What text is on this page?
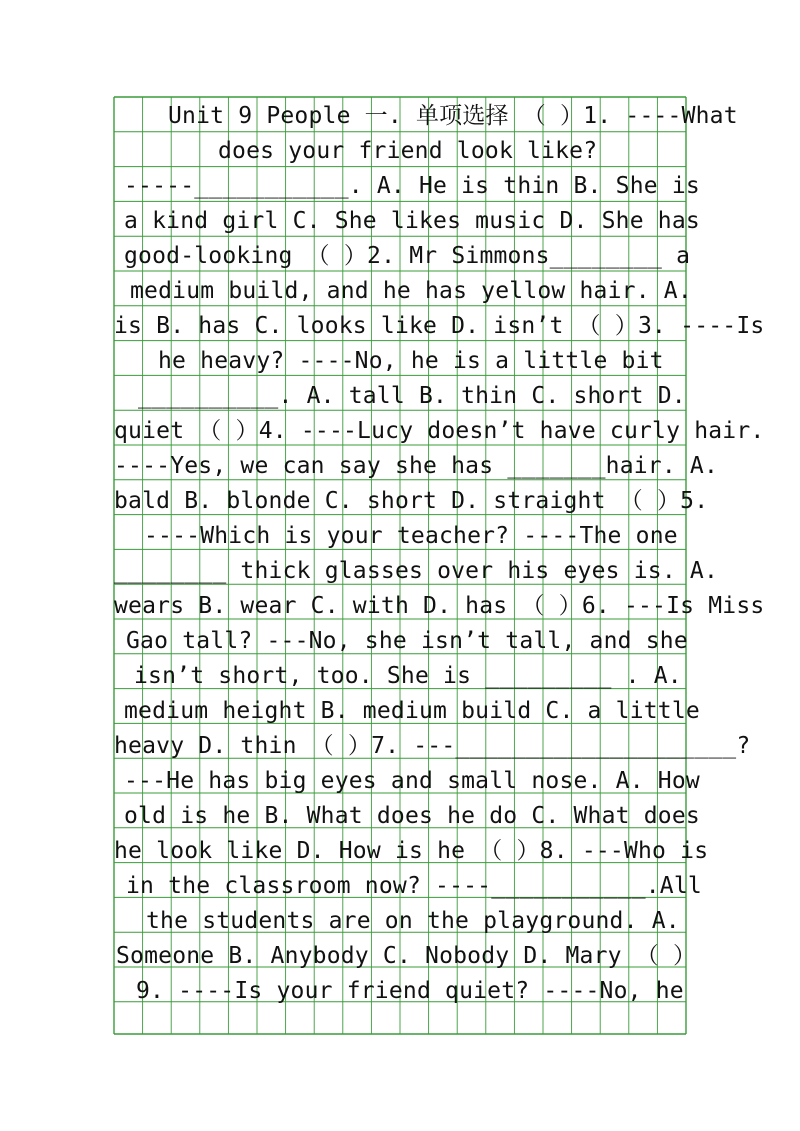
Unit 9 People 一. 单项选择 （ ）1. ----What
does your friend look like?
-----___________. A. He is thin B. She is
a kind girl C. She likes music D. She has
good-looking （ ）2. Mr Simmons________ a
medium build, and he has yellow hair. A.
is B. has C. looks like D. isn’t （ ）3. ----Is
he heavy? ----No, he is a little bit
__________. A. tall B. thin C. short D.
quiet （ ）4. ----Lucy doesn’t have curly hair.
----Yes, we can say she has _______hair. A.
bald B. blonde C. short D. straight （ ）5.
----Which is your teacher? ----The one
________ thick glasses over his eyes is. A.
wears B. wear C. with D. has （ ）6. ---Is Miss
Gao tall? ---No, she isn’t tall, and she
isn’t short, too. She is _________ . A.
medium height B. medium build C. a little
heavy D. thin （ ）7. ---____________________?
---He has big eyes and small nose. A. How
old is he B. What does he do C. What does
he look like D. How is he （ ）8. ---Who is
in the classroom now? ----___________.All
the students are on the playground. A.
Someone B. Anybody C. Nobody D. Mary （ ）
9. ----Is your friend quiet? ----No, he
